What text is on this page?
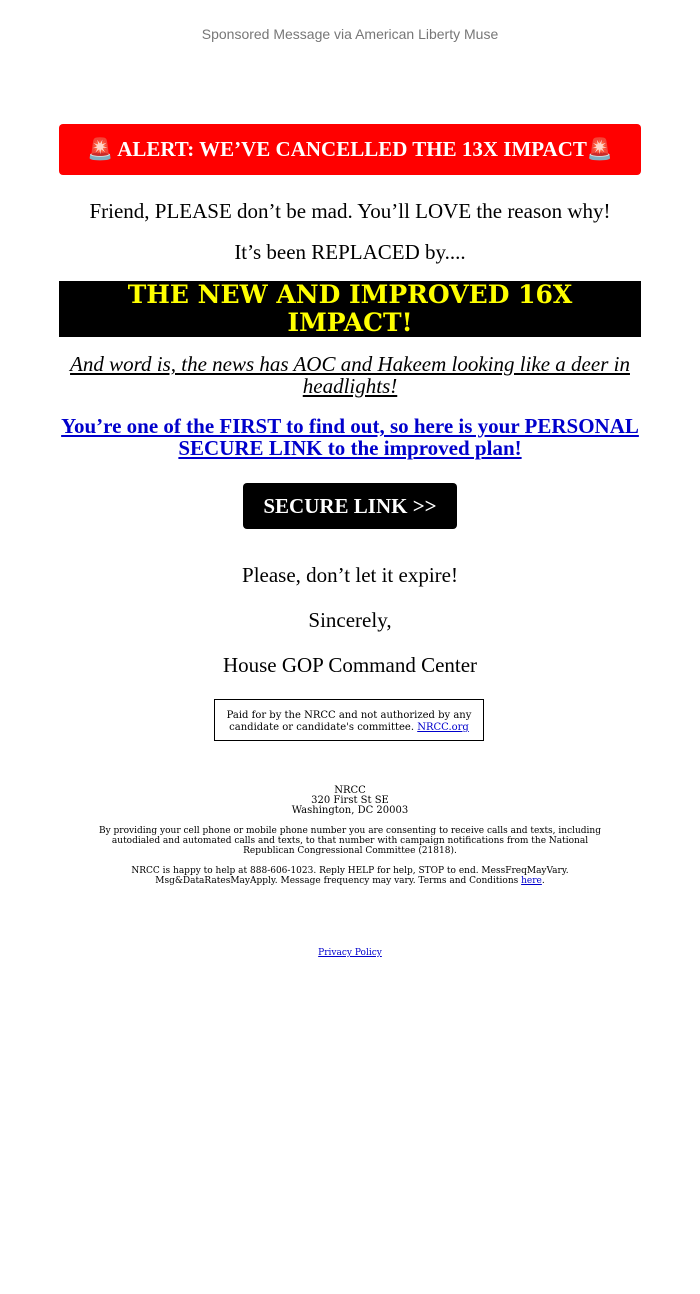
Sponsored Message via American Liberty Muse
🚨 ALERT: WE’VE CANCELLED THE 13X IMPACT🚨

Friend, PLEASE don’t be mad. You’ll LOVE the reason why!

It’s been REPLACED by....

THE NEW AND IMPROVED 16X IMPACT!

And word is, the news has AOC and Hakeem looking like a deer in headlights!

You’re one of the FIRST to find out, so here is your PERSONAL SECURE LINK to the improved plan!
SECURE LINK >>

Please, don’t let it expire!

Sincerely,

House GOP Command Center

Paid for by the NRCC and not authorized by any candidate or candidate's committee. NRCC.org
NRCC
320 First St SE
Washington, DC 20003

By providing your cell phone or mobile phone number you are consenting to receive calls and texts, including autodialed and automated calls and texts, to that number with campaign notifications from the National Republican Congressional Committee (21818).

NRCC is happy to help at 888-606-1023. Reply HELP for help, STOP to end. MessFreqMayVary. Msg&DataRatesMayApply. Message frequency may vary. Terms and Conditions here.

Privacy Policy
